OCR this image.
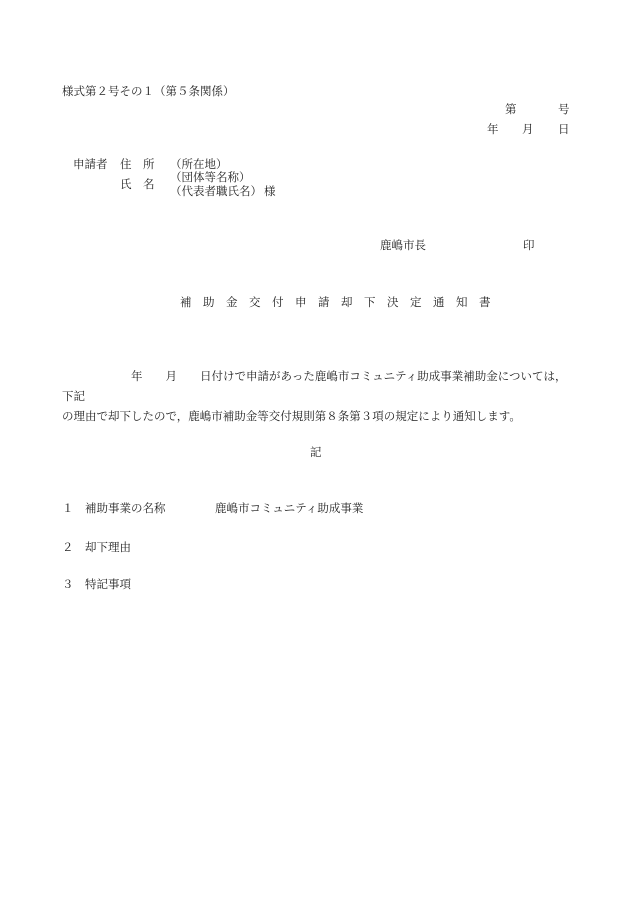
様式第２号その１（第５条関係）
第	号
年 月 日
申請者 住　所 （所在地）
氏　名 （団体等名称）
（代表者職氏名） 様
鹿嶋市長	印
補　助　金　交　付　申　請　却　下　決　定　通　知　書
　　　　　　年　　月　　日付けで申請があった鹿嶋市コミュニティ助成事業補助金については，下記
の理由で却下したので，鹿嶋市補助金等交付規則第８条第３項の規定により通知します。
記
１ 補助事業の名称	鹿嶋市コミュニティ助成事業
２ 却下理由
３ 特記事項
